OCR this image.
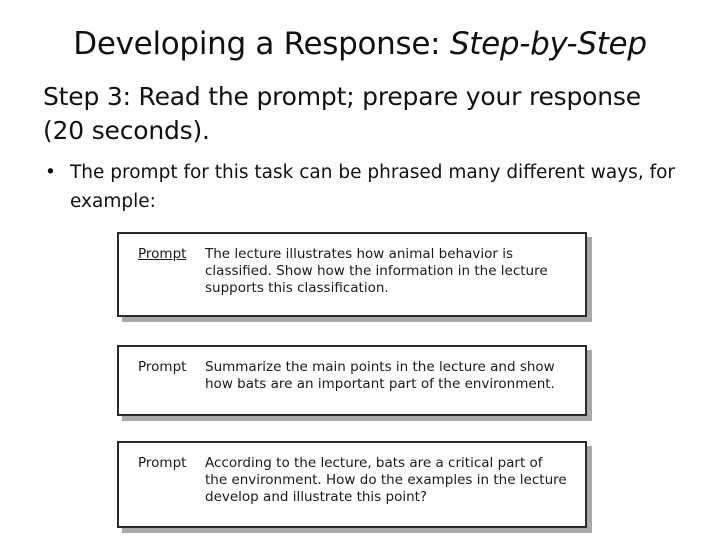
Developing a Response: Step-by-Step
Step 3: Read the prompt; prepare your response (20 seconds).
• The prompt for this task can be phrased many different ways, for example:
Prompt The lecture illustrates how animal behavior is
classified. Show how the information in the lecture
supports this classification.
Prompt Summarize the main points in the lecture and show
how bats are an important part of the environment.
Prompt According to the lecture, bats are a critical part of
the environment. How do the examples in the lecture
develop and illustrate this point?
